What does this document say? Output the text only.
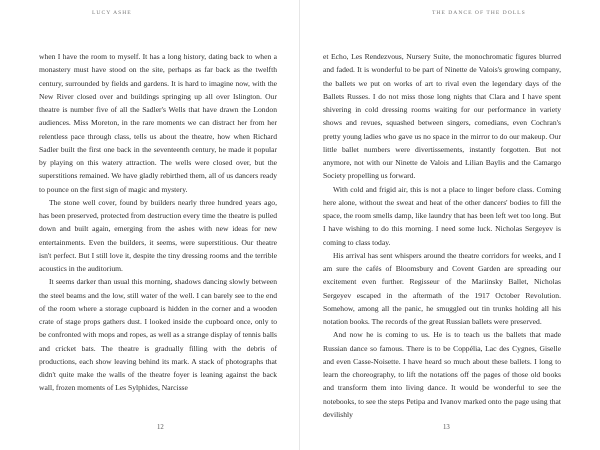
LUCY ASHE

when I have the room to myself. It has a long history, dating back to when a monastery must have stood on the site, perhaps as far back as the twelfth century, surrounded by fields and gardens. It is hard to imagine now, with the New River closed over and buildings springing up all over Islington. Our theatre is number five of all the Sadler's Wells that have drawn the London audiences. Miss Moreton, in the rare moments we can distract her from her relentless pace through class, tells us about the theatre, how when Richard Sadler built the first one back in the seventeenth century, he made it popular by playing on this watery attraction. The wells were closed over, but the superstitions remained. We have gladly rebirthed them, all of us dancers ready to pounce on the first sign of magic and mystery.

The stone well cover, found by builders nearly three hundred years ago, has been preserved, protected from destruction every time the theatre is pulled down and built again, emerging from the ashes with new ideas for new entertainments. Even the builders, it seems, were superstitious. Our theatre isn't perfect. But I still love it, despite the tiny dressing rooms and the terrible acoustics in the auditorium.

It seems darker than usual this morning, shadows dancing slowly between the steel beams and the low, still water of the well. I can barely see to the end of the room where a storage cupboard is hidden in the corner and a wooden crate of stage props gathers dust. I looked inside the cupboard once, only to be confronted with mops and ropes, as well as a strange display of tennis balls and cricket bats. The theatre is gradually filling with the debris of productions, each show leaving behind its mark. A stack of photographs that didn't quite make the walls of the theatre foyer is leaning against the back wall, frozen moments of Les Sylphides, Narcisse

12
THE DANCE OF THE DOLLS

et Echo, Les Rendezvous, Nursery Suite, the monochromatic figures blurred and faded. It is wonderful to be part of Ninette de Valois's growing company, the ballets we put on works of art to rival even the legendary days of the Ballets Russes. I do not miss those long nights that Clara and I have spent shivering in cold dressing rooms waiting for our performance in variety shows and revues, squashed between singers, comedians, even Cochran's pretty young ladies who gave us no space in the mirror to do our makeup. Our little ballet numbers were divertissements, instantly forgotten. But not anymore, not with our Ninette de Valois and Lilian Baylis and the Camargo Society propelling us forward.

With cold and frigid air, this is not a place to linger before class. Coming here alone, without the sweat and heat of the other dancers' bodies to fill the space, the room smells damp, like laundry that has been left wet too long. But I have wishing to do this morning. I need some luck. Nicholas Sergeyev is coming to class today.

His arrival has sent whispers around the theatre corridors for weeks, and I am sure the cafés of Bloomsbury and Covent Garden are spreading our excitement even further. Regisseur of the Mariinsky Ballet, Nicholas Sergeyev escaped in the aftermath of the 1917 October Revolution. Somehow, among all the panic, he smuggled out tin trunks holding all his notation books. The records of the great Russian ballets were preserved.

And now he is coming to us. He is to teach us the ballets that made Russian dance so famous. There is to be Coppélia, Lac des Cygnes, Giselle and even Casse-Noisette. I have heard so much about these ballets. I long to learn the choreography, to lift the notations off the pages of those old books and transform them into living dance. It would be wonderful to see the notebooks, to see the steps Petipa and Ivanov marked onto the page using that devilishly

13
